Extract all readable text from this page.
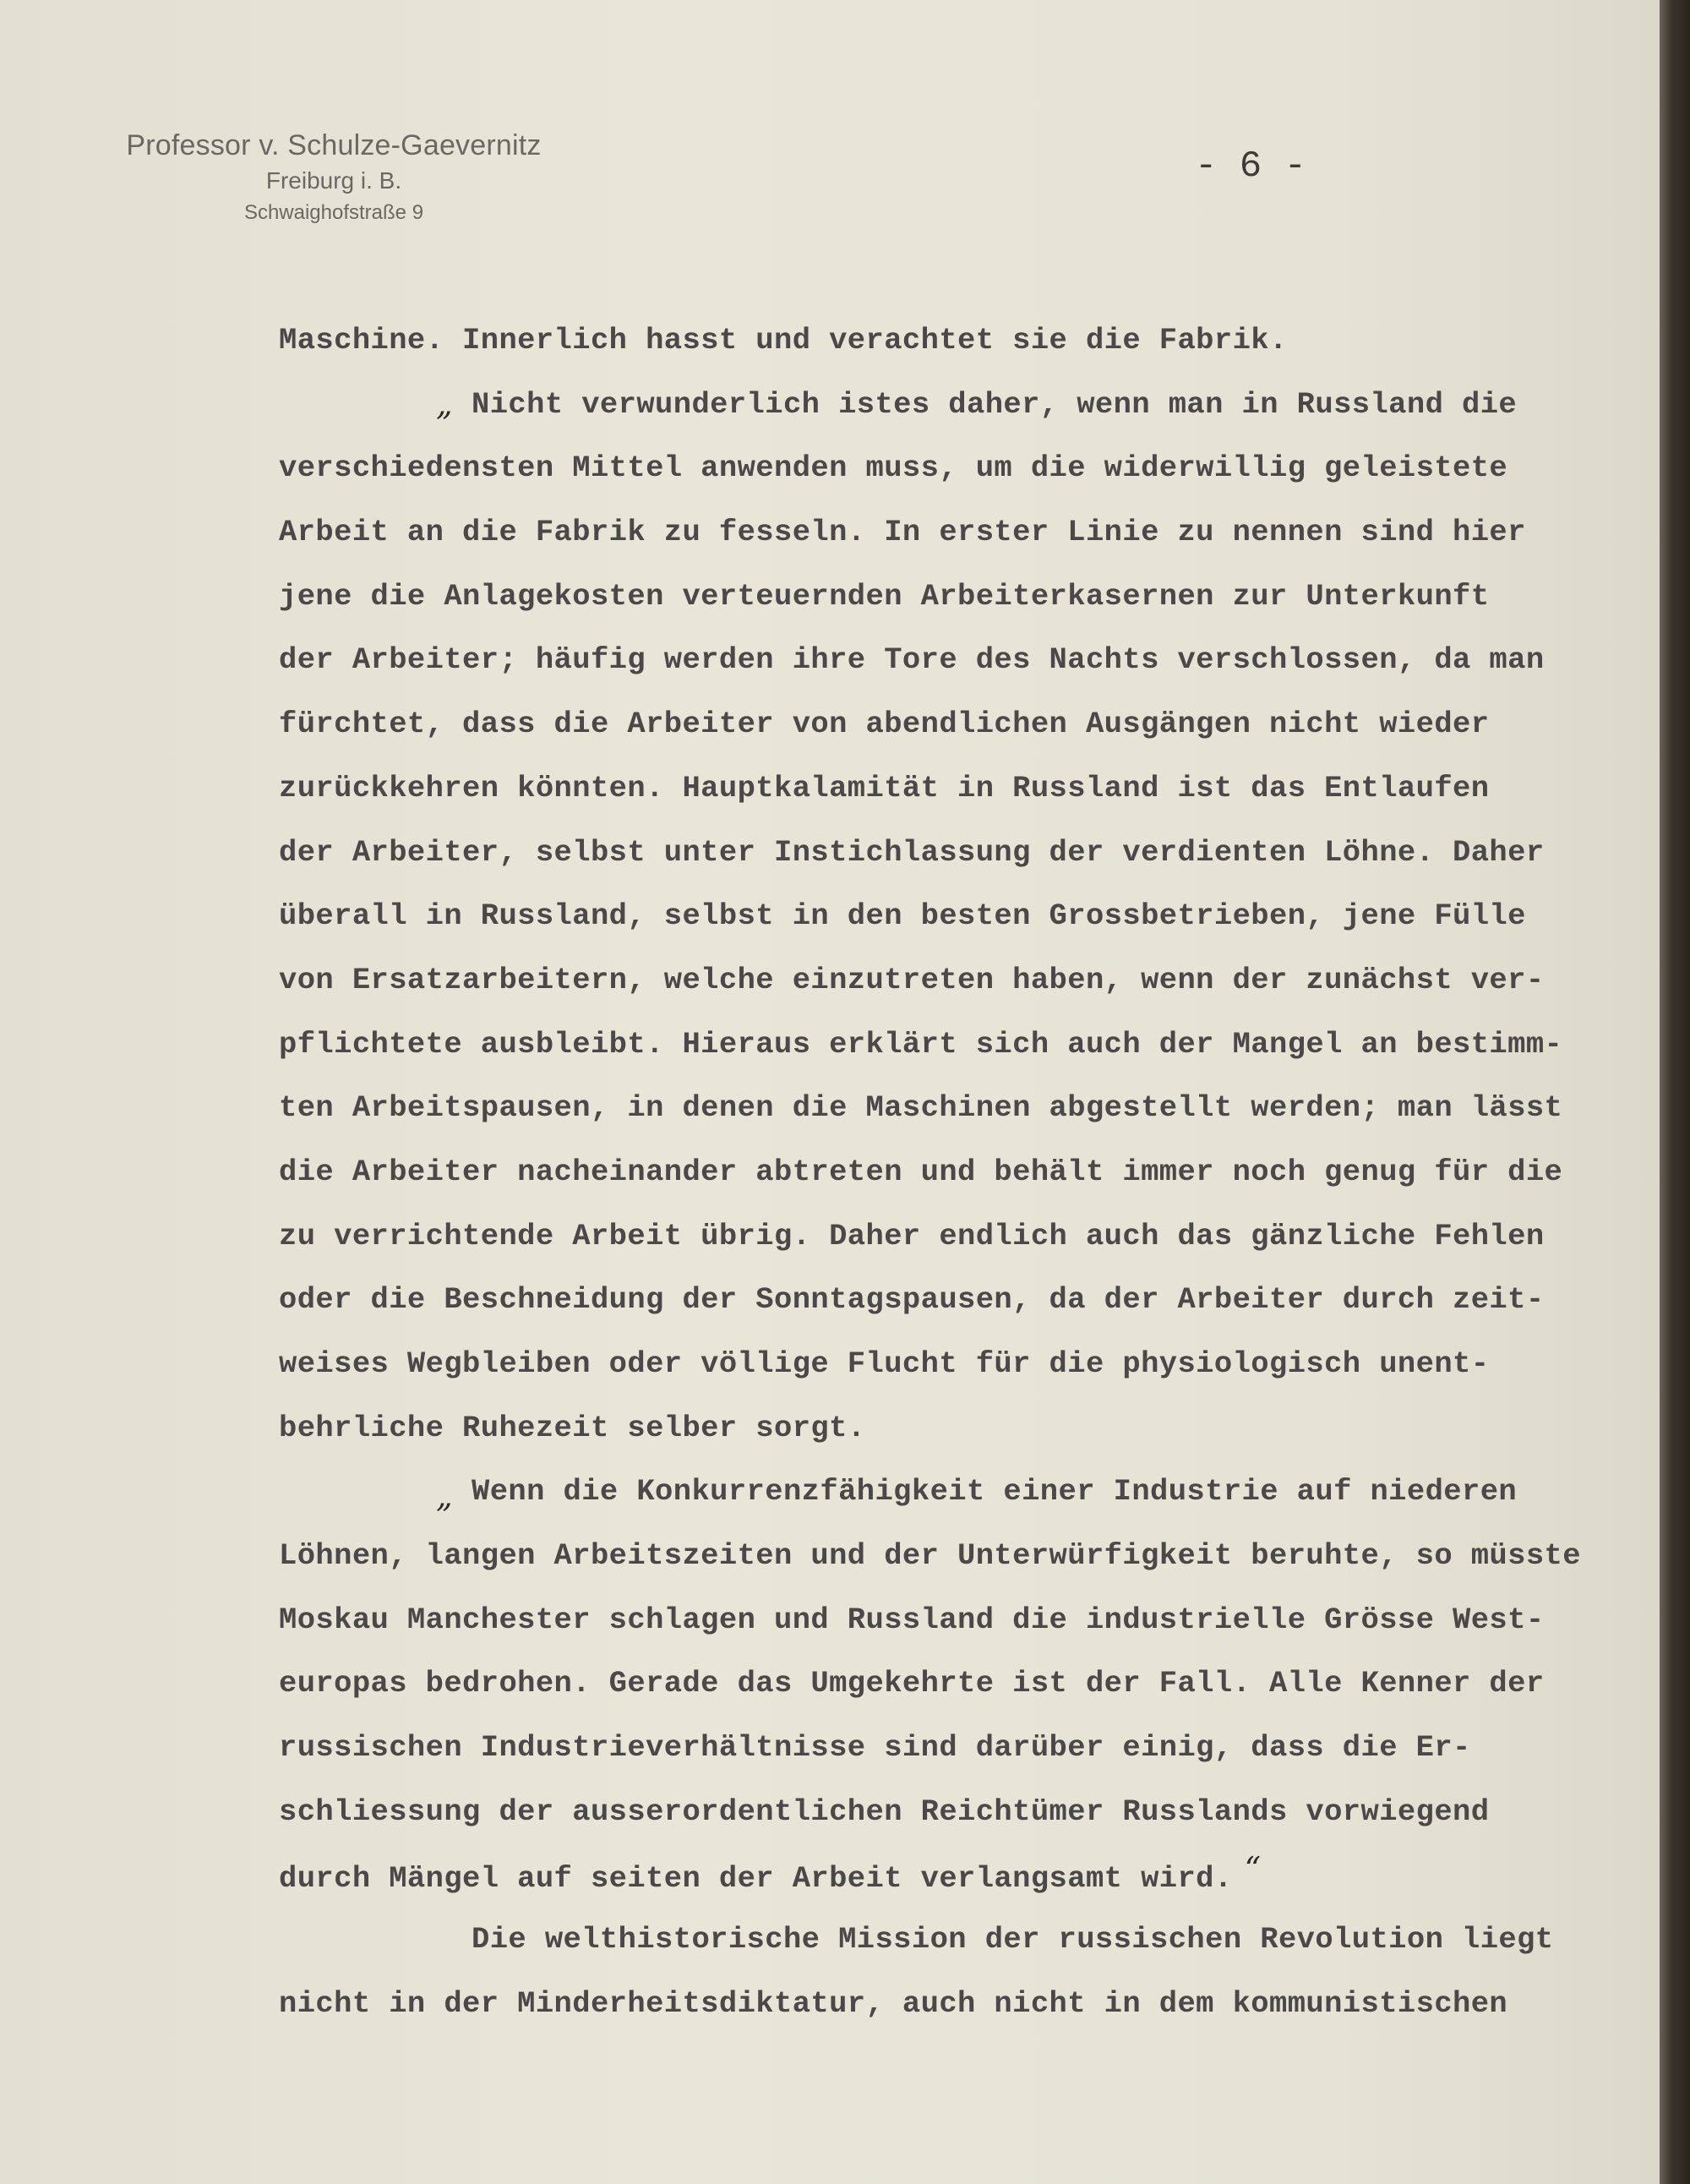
Professor v. Schulze-Gaevernitz
Freiburg i. B.
Schwaighofstraße 9
- 6 -
Maschine. Innerlich hasst und verachtet sie die Fabrik.
„ Nicht verwunderlich istes daher, wenn man in Russland die
verschiedensten Mittel anwenden muss, um die widerwillig geleistete
Arbeit an die Fabrik zu fesseln. In erster Linie zu nennen sind hier
jene die Anlagekosten verteuernden Arbeiterkasernen zur Unterkunft
der Arbeiter; häufig werden ihre Tore des Nachts verschlossen, da man
fürchtet, dass die Arbeiter von abendlichen Ausgängen nicht wieder
zurückkehren könnten. Hauptkalamität in Russland ist das Entlaufen
der Arbeiter, selbst unter Instichlassung der verdienten Löhne. Daher
überall in Russland, selbst in den besten Grossbetrieben, jene Fülle
von Ersatzarbeitern, welche einzutreten haben, wenn der zunächst ver-
pflichtete ausbleibt. Hieraus erklärt sich auch der Mangel an bestimm-
ten Arbeitspausen, in denen die Maschinen abgestellt werden; man lässt
die Arbeiter nacheinander abtreten und behält immer noch genug für die
zu verrichtende Arbeit übrig. Daher endlich auch das gänzliche Fehlen
oder die Beschneidung der Sonntagspausen, da der Arbeiter durch zeit-
weises Wegbleiben oder völlige Flucht für die physiologisch unent-
behrliche Ruhezeit selber sorgt.
„ Wenn die Konkurrenzfähigkeit einer Industrie auf niederen
Löhnen, langen Arbeitszeiten und der Unterwürfigkeit beruhte, so müsste
Moskau Manchester schlagen und Russland die industrielle Grösse West-
europas bedrohen. Gerade das Umgekehrte ist der Fall. Alle Kenner der
russischen Industrieverhältnisse sind darüber einig, dass die Er-
schliessung der ausserordentlichen Reichtümer Russlands vorwiegend
durch Mängel auf seiten der Arbeit verlangsamt wird. “
Die welthistorische Mission der russischen Revolution liegt
nicht in der Minderheitsdiktatur, auch nicht in dem kommunistischen
